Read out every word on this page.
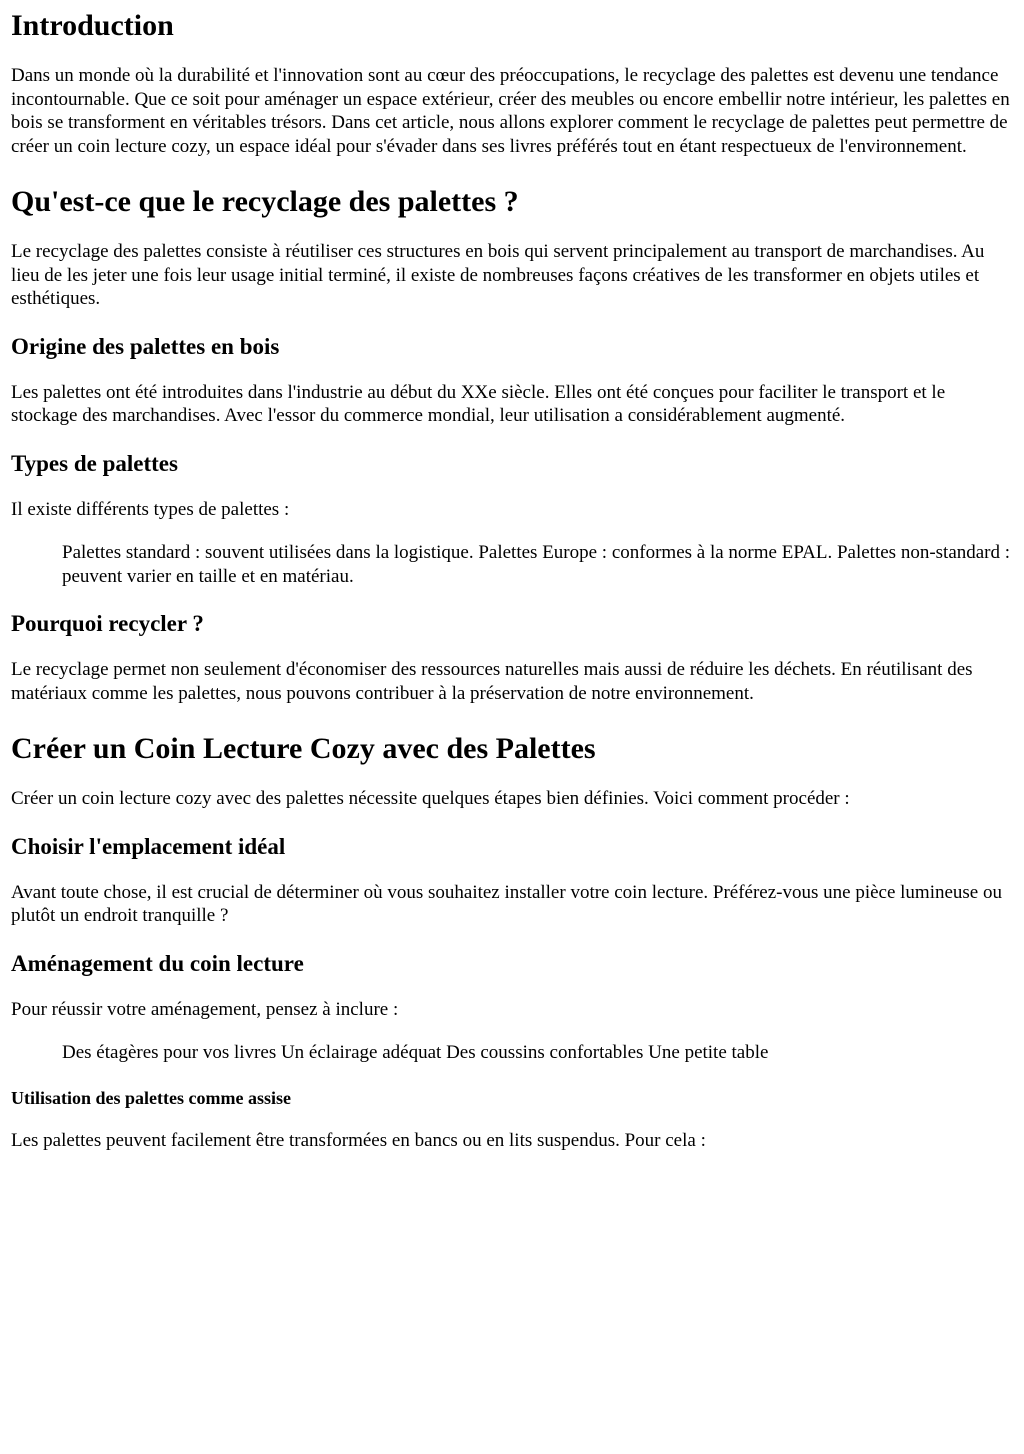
Introduction

Dans un monde où la durabilité et l'innovation sont au cœur des préoccupations, le recyclage des palettes est devenu une tendance incontournable. Que ce soit pour aménager un espace extérieur, créer des meubles ou encore embellir notre intérieur, les palettes en bois se transforment en véritables trésors. Dans cet article, nous allons explorer comment le recyclage de palettes peut permettre de créer un coin lecture cozy, un espace idéal pour s'évader dans ses livres préférés tout en étant respectueux de l'environnement.

Qu'est-ce que le recyclage des palettes ?

Le recyclage des palettes consiste à réutiliser ces structures en bois qui servent principalement au transport de marchandises. Au lieu de les jeter une fois leur usage initial terminé, il existe de nombreuses façons créatives de les transformer en objets utiles et esthétiques.

Origine des palettes en bois

Les palettes ont été introduites dans l'industrie au début du XXe siècle. Elles ont été conçues pour faciliter le transport et le stockage des marchandises. Avec l'essor du commerce mondial, leur utilisation a considérablement augmenté.

Types de palettes

Il existe différents types de palettes :

Palettes standard : souvent utilisées dans la logistique. Palettes Europe : conformes à la norme EPAL. Palettes non-standard : peuvent varier en taille et en matériau.
Pourquoi recycler ?

Le recyclage permet non seulement d'économiser des ressources naturelles mais aussi de réduire les déchets. En réutilisant des matériaux comme les palettes, nous pouvons contribuer à la préservation de notre environnement.

Créer un Coin Lecture Cozy avec des Palettes

Créer un coin lecture cozy avec des palettes nécessite quelques étapes bien définies. Voici comment procéder :

Choisir l'emplacement idéal

Avant toute chose, il est crucial de déterminer où vous souhaitez installer votre coin lecture. Préférez-vous une pièce lumineuse ou plutôt un endroit tranquille ?

Aménagement du coin lecture

Pour réussir votre aménagement, pensez à inclure :

Des étagères pour vos livres Un éclairage adéquat Des coussins confortables Une petite table
Utilisation des palettes comme assise

Les palettes peuvent facilement être transformées en bancs ou en lits suspendus. Pour cela :
